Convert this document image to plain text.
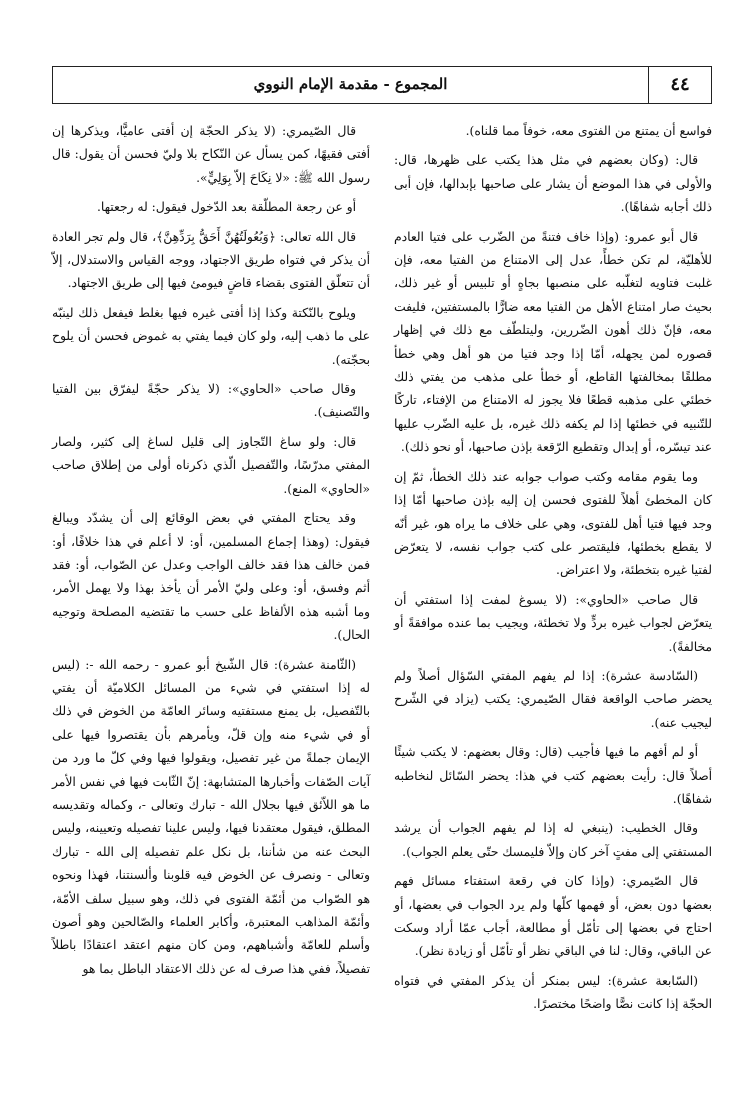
المجموع - مقدمة الإمام النووي	٤٤

فواسع أن يمتنع من الفتوى معه، خوفاً مما قلناه).

قال: (وكان بعضهم في مثل هذا يكتب على ظهرها، قال: والأولى في هذا الموضع أن يشار على صاحبها بإبدالها، فإن أبى ذلك أجابه شفاهًا).

قال أبو عمرو: (وإذا خاف فتنةً من الضّرب على فتيا العادم للأهليّة، لم تكن خطأً، عدل إلى الامتناع من الفتيا معه، فإن غلبت فتاويه لتغلّبه على منصبها بجاهٍ أو تلبيس أو غير ذلك، بحيث صار امتناع الأهل من الفتيا معه ضارًّا بالمستفتين، فليفت معه، فإنّ ذلك أهون الضّررين، وليتلطّف مع ذلك في إظهار قصوره لمن يجهله، أمّا إذا وجد فتيا من هو أهل وهي خطأ مطلقًا بمخالفتها القاطع، أو خطأ على مذهب من يفتي ذلك خطئي على مذهبه قطعًا فلا يجوز له الامتناع من الإفتاء، تاركًا للتّنبيه في خطئها إذا لم يكفه ذلك غيره، بل عليه الضّرب عليها عند تيسّره، أو إبدال وتقطيع الرّقعة بإذن صاحبها، أو نحو ذلك).

وما يقوم مقامه وكتب صواب جوابه عند ذلك الخطأ، ثمّ إن كان المخطئ أهلاً للفتوى فحسن إن إليه بإذن صاحبها أمّا إذا وجد فيها فتيا أهل للفتوى، وهي على خلاف ما يراه هو، غير أنّه لا يقطع بخطئها، فليقتصر على كتب جواب نفسه، لا يتعرّض لفتيا غيره بتخطئة، ولا اعتراض.

قال صاحب «الحاوي»: (لا يسوغ لمفت إذا استفتي أن يتعرّض لجواب غيره بردٍّ ولا تخطئة، ويجيب بما عنده موافقةً أو مخالفةً).

(السّادسة عشرة): إذا لم يفهم المفتي السّؤال أصلاً ولم يحضر صاحب الواقعة فقال الصّيمري: يكتب (يزاد في الشّرح ليجيب عنه).

أو لم أفهم ما فيها فأجيب (قال: وقال بعضهم: لا يكتب شيئًا أصلاً قال: رأيت بعضهم كتب في هذا: يحضر السّائل لنخاطبه شفاهًا).

وقال الخطيب: (ينبغي له إذا لم يفهم الجواب أن يرشد المستفتي إلى مفتٍ آخر كان وإلاّ فليمسك حتّى يعلم الجواب).

قال الصّيمري: (وإذا كان في رقعة استفتاء مسائل فهم بعضها دون بعض، أو فهمها كلّها ولم يرد الجواب في بعضها، أو احتاج في بعضها إلى تأمّل أو مطالعة، أجاب عمّا أراد وسكت عن الباقي، وقال: لنا في الباقي نظر أو تأمّل أو زيادة نظر).

(السّابعة عشرة): ليس بمنكر أن يذكر المفتي في فتواه الحجّة إذا كانت نصًّا واضحًا مختصرًا.

قال الصّيمري: (لا يذكر الحجّة إن أفتى عاميًّا، ويذكرها إن أفتى فقيهًا، كمن يسأل عن النّكاح بلا وليّ فحسن أن يقول: قال رسول الله ﷺ: «لا نِكَاحَ إلاّ بِوَلِيٍّ».

أو عن رجعة المطلّقة بعد الدّخول فيقول: له رجعتها.

قال الله تعالى: ﴿وَبُعُولَتُهُنَّ أَحَقُّ بِرَدِّهِنَّ﴾، قال ولم تجر العادة أن يذكر في فتواه طريق الاجتهاد، ووجه القياس والاستدلال، إلاّ أن تتعلّق الفتوى بقضاء قاضٍ فيومئ فيها إلى طريق الاجتهاد.

ويلوح بالنّكتة وكذا إذا أفتى غيره فيها بغلط فيفعل ذلك لينبّه على ما ذهب إليه، ولو كان فيما يفتي به غموض فحسن أن يلوح بحجّته).

وقال صاحب «الحاوي»: (لا يذكر حجّةً ليفرّق بين الفتيا والتّصنيف).

قال: ولو ساغ التّجاوز إلى قليل لساغ إلى كثير، ولصار المفتي مدرّسًا، والتّفصيل الّذي ذكرناه أولى من إطلاق صاحب «الحاوي» المنع).

وقد يحتاج المفتي في بعض الوقائع إلى أن يشدّد ويبالغ فيقول: (وهذا إجماع المسلمين، أو: لا أعلم في هذا خلافًا، أو: فمن خالف هذا فقد خالف الواجب وعدل عن الصّواب، أو: فقد أثم وفسق، أو: وعلى وليّ الأمر أن يأخذ بهذا ولا يهمل الأمر، وما أشبه هذه الألفاظ على حسب ما تقتضيه المصلحة وتوجيه الحال).

(الثّامنة عشرة): قال الشّيخ أبو عمرو - رحمه الله -: (ليس له إذا استفتي في شيء من المسائل الكلاميّة أن يفتي بالتّفصيل، بل يمنع مستفتيه وسائر العامّة من الخوض في ذلك أو في شيء منه وإن قلّ، ويأمرهم بأن يقتصروا فيها على الإيمان جملةً من غير تفصيل، ويقولوا فيها وفي كلّ ما ورد من آيات الصّفات وأخبارها المتشابهة: إنّ الثّابت فيها في نفس الأمر ما هو اللاّئق فيها بجلال الله - تبارك وتعالى -، وكماله وتقديسه المطلق، فيقول معتقدنا فيها، وليس علينا تفصيله وتعيينه، وليس البحث عنه من شأننا، بل نكل علم تفصيله إلى الله - تبارك وتعالى - ونصرف عن الخوض فيه قلوبنا وألسنتنا، فهذا ونحوه هو الصّواب من أئمّة الفتوى في ذلك، وهو سبيل سلف الأمّة، وأئمّة المذاهب المعتبرة، وأكابر العلماء والصّالحين وهو أصون وأسلم للعامّة وأشباههم، ومن كان منهم اعتقد اعتقادًا باطلاً تفصيلاً، ففي هذا صرف له عن ذلك الاعتقاد الباطل بما هو
